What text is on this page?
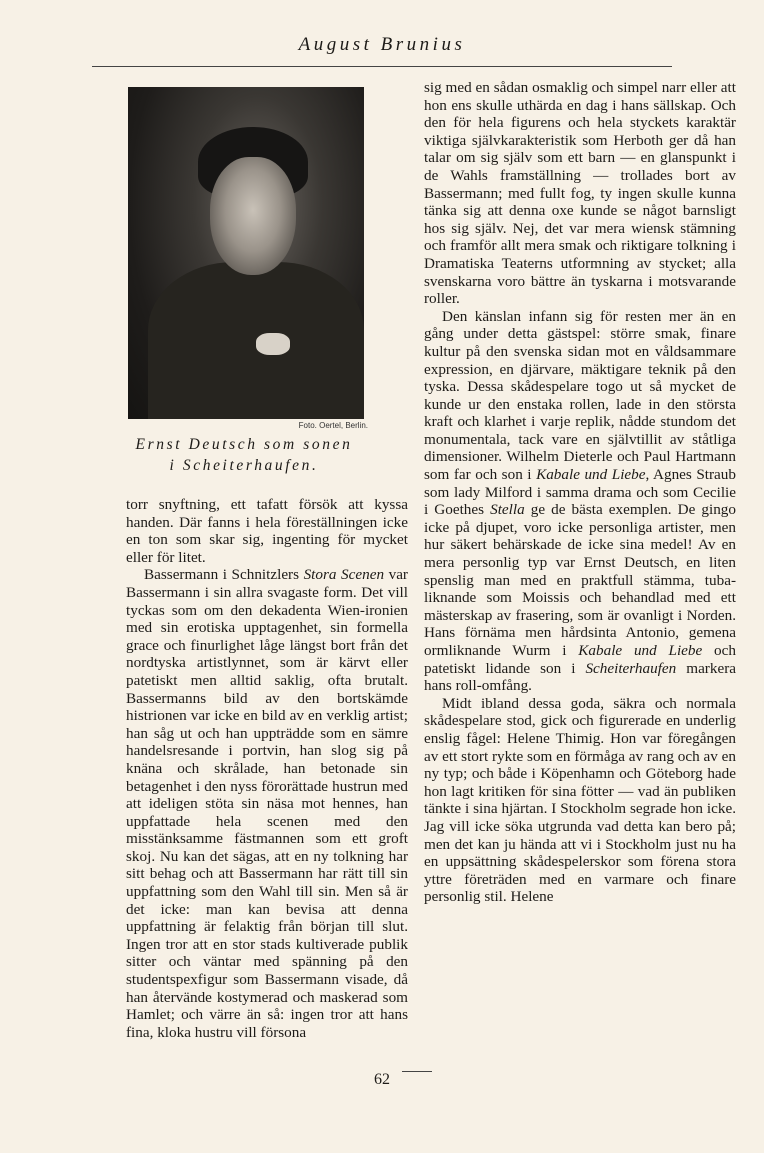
August Brunius
Foto. Oertel, Berlin.
Ernst Deutsch som sonen
i Scheiterhaufen.

torr snyftning, ett tafatt försök att kyssa handen. Där fanns i hela föreställningen icke en ton som skar sig, ingenting för mycket eller för litet.

Bassermann i Schnitzlers Stora Scenen var Bassermann i sin allra svagaste form. Det vill tyckas som om den dekadenta Wien-ironien med sin erotiska upptagenhet, sin formella grace och finurlighet låge längst bort från det nordtyska artistlynnet, som är kärvt eller patetiskt men alltid saklig, ofta brutalt. Bassermanns bild av den bortskämde histrionen var icke en bild av en verklig artist; han såg ut och han uppträdde som en sämre handelsresande i portvin, han slog sig på knäna och skrålade, han betonade sin betagenhet i den nyss förorättade hustrun med att ideligen stöta sin näsa mot hennes, han uppfattade hela scenen med den misstänksamme fästmannen som ett groft skoj. Nu kan det sägas, att en ny tolkning har sitt behag och att Bassermann har rätt till sin uppfattning som den Wahl till sin. Men så är det icke: man kan bevisa att denna uppfattning är felaktig från början till slut. Ingen tror att en stor stads kultiverade publik sitter och väntar med spänning på den studentspexfigur som Bassermann visade, då han återvände kostymerad och maskerad som Hamlet; och värre än så: ingen tror att hans fina, kloka hustru vill försona

sig med en sådan osmaklig och simpel narr eller att hon ens skulle uthärda en dag i hans sällskap. Och den för hela figurens och hela styckets karaktär viktiga självkarakteristik som Herboth ger då han talar om sig själv som ett barn — en glanspunkt i de Wahls framställning — trollades bort av Bassermann; med fullt fog, ty ingen skulle kunna tänka sig att denna oxe kunde se något barnsligt hos sig själv. Nej, det var mera wiensk stämning och framför allt mera smak och riktigare tolkning i Dramatiska Teaterns utformning av stycket; alla svenskarna voro bättre än tyskarna i motsvarande roller.

Den känslan infann sig för resten mer än en gång under detta gästspel: större smak, finare kultur på den svenska sidan mot en våldsammare expression, en djärvare, mäktigare teknik på den tyska. Dessa skådespelare togo ut så mycket de kunde ur den enstaka rollen, lade in den största kraft och klarhet i varje replik, nådde stundom det monumentala, tack vare en självtillit av ståtliga dimensioner. Wilhelm Dieterle och Paul Hartmann som far och son i Kabale und Liebe, Agnes Straub som lady Milford i samma drama och som Cecilie i Goethes Stella ge de bästa exemplen. De gingo icke på djupet, voro icke personliga artister, men hur säkert behärskade de icke sina medel! Av en mera personlig typ var Ernst Deutsch, en liten spenslig man med en praktfull stämma, tuba-liknande som Moissis och behandlad med ett mästerskap av frasering, som är ovanligt i Norden. Hans förnäma men hårdsinta Antonio, gemena ormliknande Wurm i Kabale und Liebe och patetiskt lidande son i Scheiterhaufen markera hans roll-omfång.

Midt ibland dessa goda, säkra och normala skådespelare stod, gick och figurerade en underlig enslig fågel: Helene Thimig. Hon var föregången av ett stort rykte som en förmåga av rang och av en ny typ; och både i Köpenhamn och Göteborg hade hon lagt kritiken för sina fötter — vad än publiken tänkte i sina hjärtan. I Stockholm segrade hon icke. Jag vill icke söka utgrunda vad detta kan bero på; men det kan ju hända att vi i Stockholm just nu ha en uppsättning skådespelerskor som förena stora yttre företräden med en varmare och finare personlig stil. Helene

62
